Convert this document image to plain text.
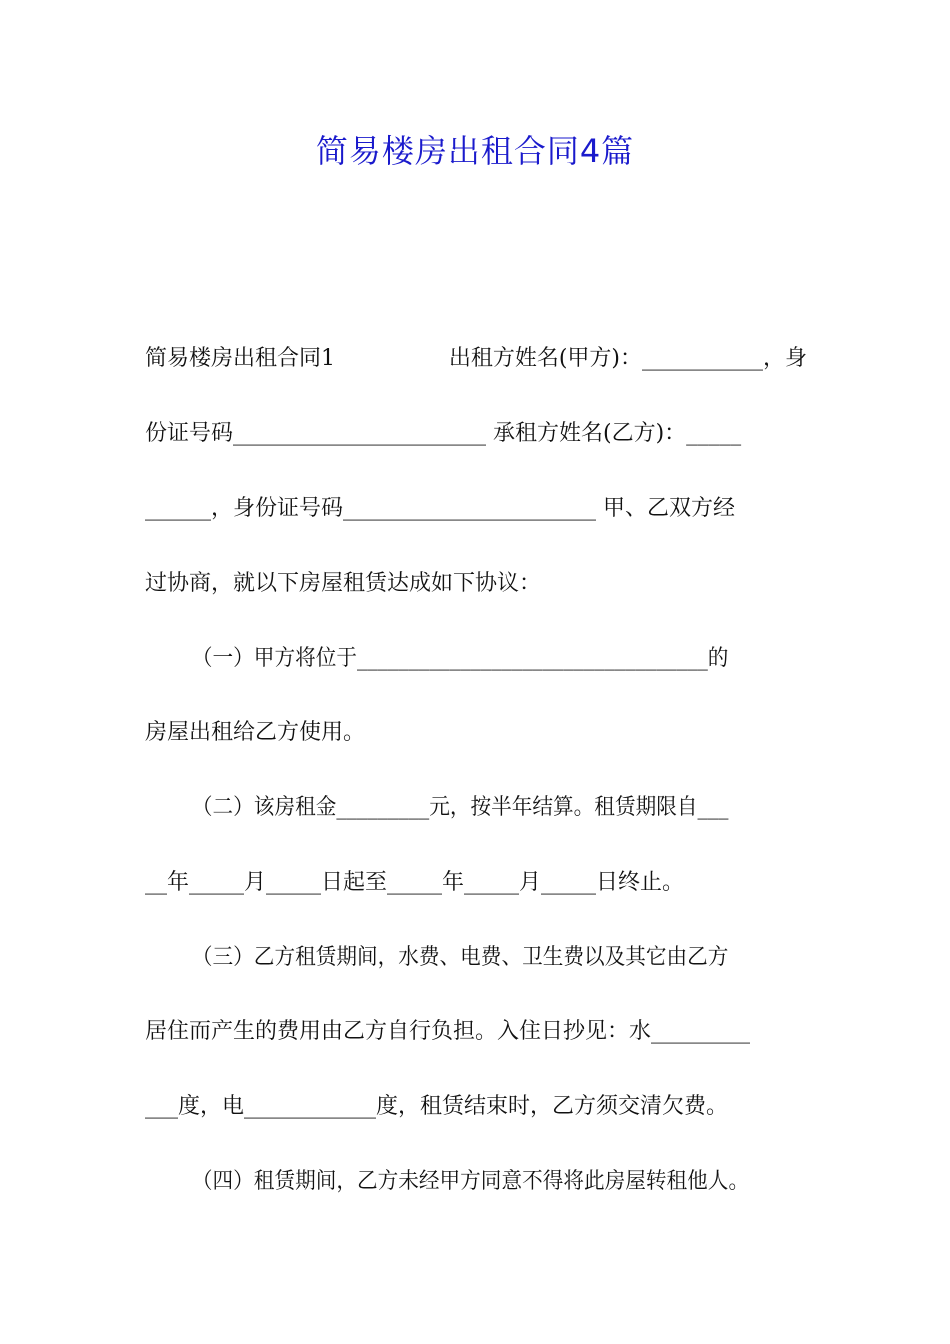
简易楼房出租合同4篇

简易楼房出租合同1	出租方姓名(甲方)：___________，身

份证号码_______________________ 承租方姓名(乙方)：_____

______，身份证号码_______________________ 甲、乙双方经

过协商，就以下房屋租赁达成如下协议：

（一）甲方将位于__________________________________的

房屋出租给乙方使用。

（二）该房租金_________元，按半年结算。租赁期限自___

__年_____月_____日起至_____年_____月_____日终止。

（三）乙方租赁期间，水费、电费、卫生费以及其它由乙方

居住而产生的费用由乙方自行负担。入住日抄见：水_________

___度，电____________度，租赁结束时，乙方须交清欠费。

（四）租赁期间，乙方未经甲方同意不得将此房屋转租他人。
